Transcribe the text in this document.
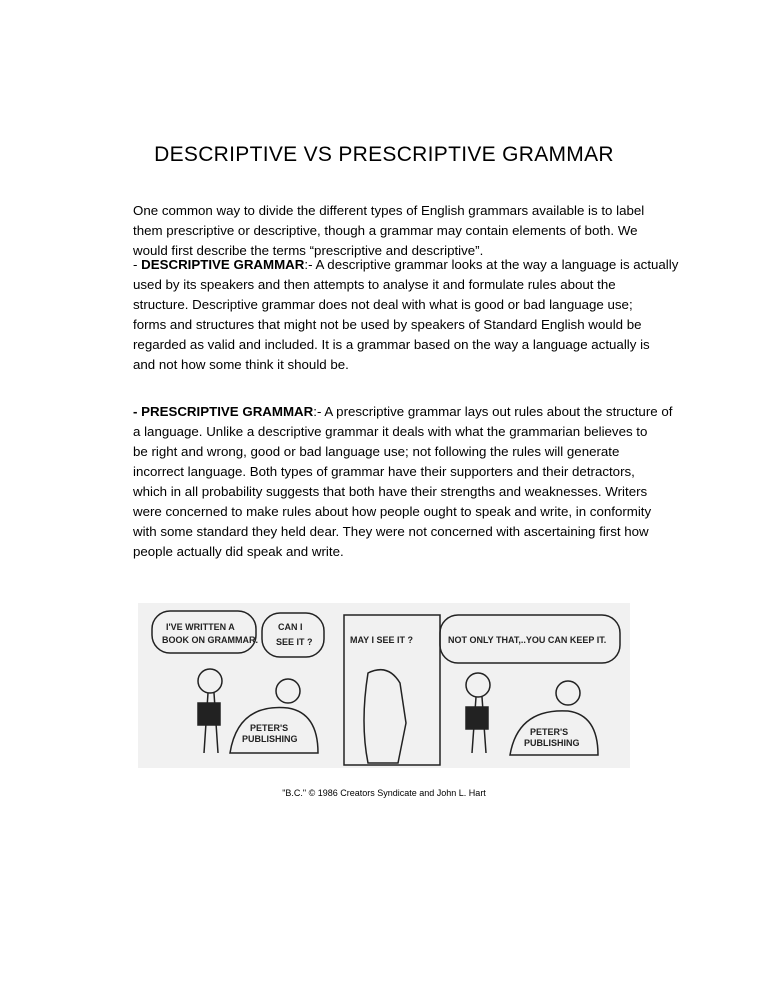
DESCRIPTIVE VS PRESCRIPTIVE GRAMMAR
One common way to divide the different types of English grammars available is to label
them prescriptive or descriptive, though a grammar may contain elements of both. We
would first describe the terms “prescriptive and descriptive”.
- DESCRIPTIVE GRAMMAR:- A descriptive grammar looks at the way a language is actually
used by its speakers and then attempts to analyse it and formulate rules about the
structure. Descriptive grammar does not deal with what is good or bad language use;
forms and structures that might not be used by speakers of Standard English would be
regarded as valid and included. It is a grammar based on the way a language actually is
and not how some think it should be.
- PRESCRIPTIVE GRAMMAR:- A prescriptive grammar lays out rules about the structure of
a language. Unlike a descriptive grammar it deals with what the grammarian believes to
be right and wrong, good or bad language use; not following the rules will generate
incorrect language. Both types of grammar have their supporters and their detractors,
which in all probability suggests that both have their strengths and weaknesses. Writers
were concerned to make rules about how people ought to speak and write, in conformity
with some standard they held dear. They were not concerned with ascertaining first how
people actually did speak and write.
I'VE WRITTEN A
BOOK ON GRAMMAR.
CAN I
SEE IT ?
PETER'S
PUBLISHING
MAY I SEE IT ?	NOT ONLY THAT,..YOU CAN KEEP IT.
PETER'S
PUBLISHING
"B.C." © 1986 Creators Syndicate and John L. Hart
